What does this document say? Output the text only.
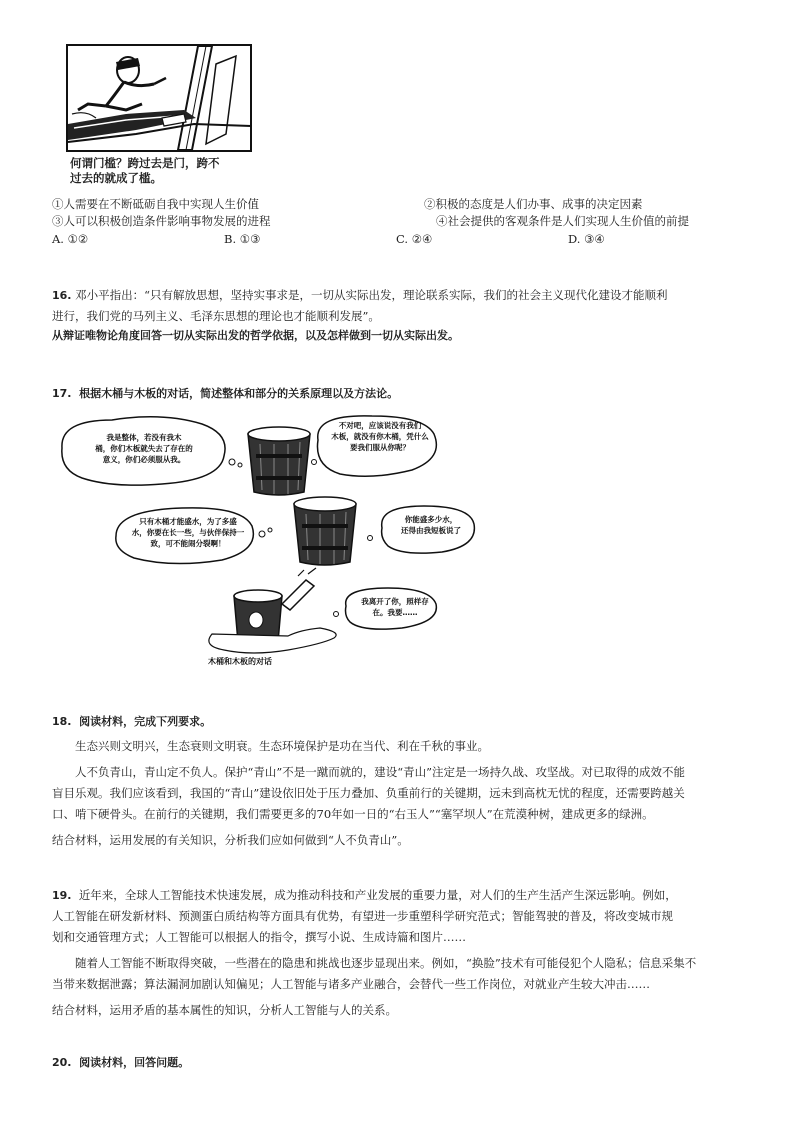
何谓门槛？跨过去是门，跨不
过去的就成了槛。
①人需要在不断砥砺自我中实现人生价值	②积极的态度是人们办事、成事的决定因素
③人可以积极创造条件影响事物发展的进程	④社会提供的客观条件是人们实现人生价值的前提
A. ①②	B. ①③	C. ②④	D. ③④
16. 邓小平指出：“只有解放思想，坚持实事求是，一切从实际出发，理论联系实际，我们的社会主义现代化建设才能顺利
进行，我们党的马列主义、毛泽东思想的理论也才能顺利发展”。
从辩证唯物论角度回答一切从实际出发的哲学依据，以及怎样做到一切从实际出发。
17. 根据木桶与木板的对话，简述整体和部分的关系原理以及方法论。
我是整体，若没有我木
桶，你们木板就失去了存在的
意义，你们必须服从我。
不对吧，应该说没有我们
木板，就没有你木桶，凭什么
要我们服从你呢？
只有木桶才能盛水，为了多盛
水，你要在长一些，与伙伴保持一
致，可不能闹分裂啊！
你能盛多少水，
还得由我短板说了
我离开了你，照样存
在。我要……
木桶和木板的对话
18. 阅读材料，完成下列要求。
生态兴则文明兴，生态衰则文明衰。生态环境保护是功在当代、利在千秋的事业。
人不负青山，青山定不负人。保护“青山”不是一蹴而就的，建设“青山”注定是一场持久战、攻坚战。对已取得的成效不能
盲目乐观。我们应该看到，我国的“青山”建设依旧处于压力叠加、负重前行的关键期，远未到高枕无忧的程度，还需要跨越关
口、啃下硬骨头。在前行的关键期，我们需要更多的70年如一日的“右玉人”“塞罕坝人”在荒漠种树，建成更多的绿洲。
结合材料，运用发展的有关知识，分析我们应如何做到“人不负青山”。
19. 近年来，全球人工智能技术快速发展，成为推动科技和产业发展的重要力量，对人们的生产生活产生深远影响。例如，
人工智能在研发新材料、预测蛋白质结构等方面具有优势，有望进一步重塑科学研究范式；智能驾驶的普及，将改变城市规
划和交通管理方式；人工智能可以根据人的指令，撰写小说、生成诗篇和图片……
随着人工智能不断取得突破，一些潜在的隐患和挑战也逐步显现出来。例如，“换脸”技术有可能侵犯个人隐私；信息采集不
当带来数据泄露；算法漏洞加剧认知偏见；人工智能与诸多产业融合，会替代一些工作岗位，对就业产生较大冲击……
结合材料，运用矛盾的基本属性的知识，分析人工智能与人的关系。
20. 阅读材料，回答问题。
